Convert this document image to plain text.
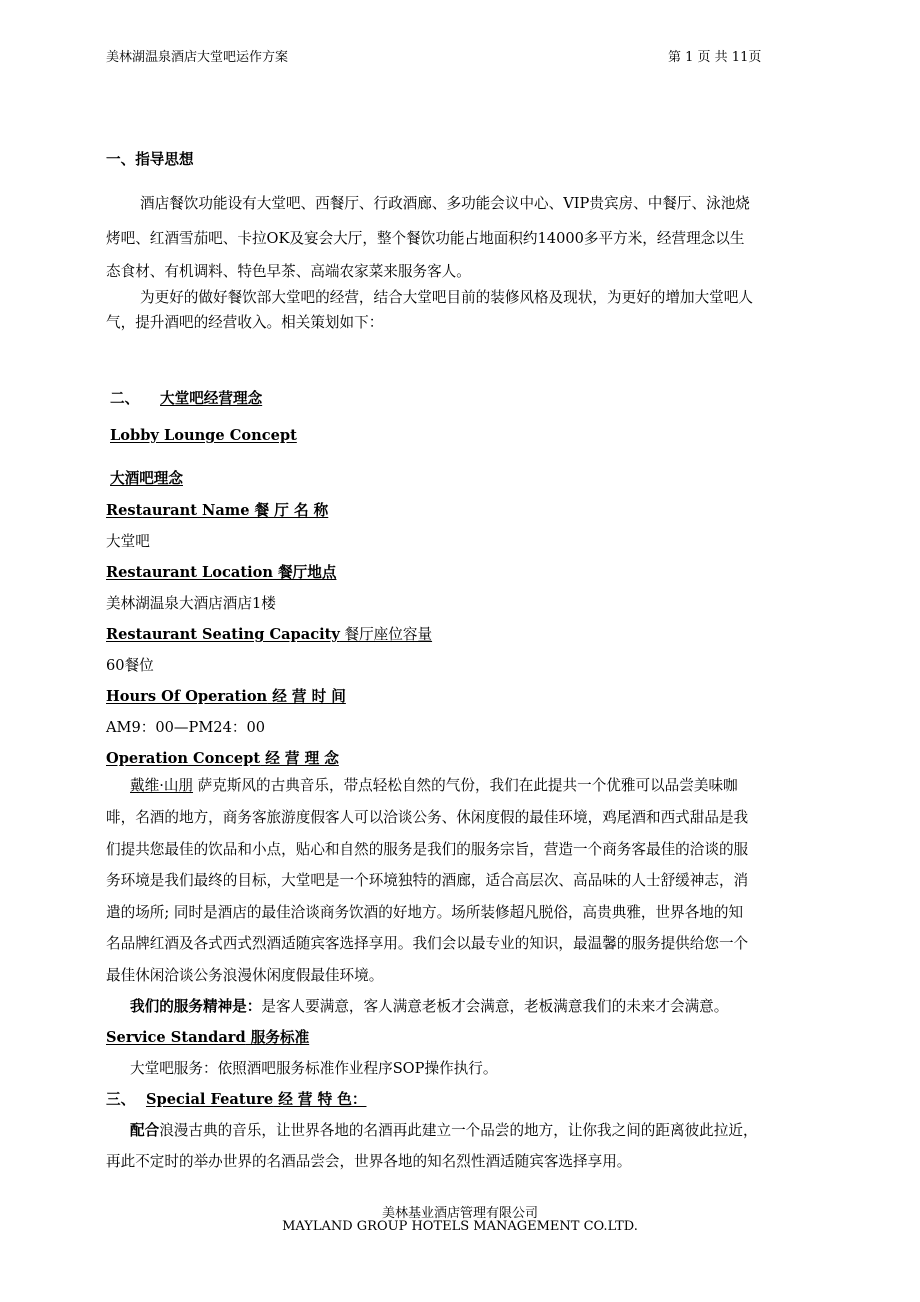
美林湖温泉酒店大堂吧运作方案	第 1 页 共 11页
一、指导思想
酒店餐饮功能设有大堂吧、西餐厅、行政酒廊、多功能会议中心、VIP贵宾房、中餐厅、泳池烧
烤吧、红酒雪茄吧、卡拉OK及宴会大厅，整个餐饮功能占地面积约14000多平方米，经营理念以生
态食材、有机调料、特色早茶、高端农家菜来服务客人。
为更好的做好餐饮部大堂吧的经营，结合大堂吧目前的装修风格及现状，为更好的增加大堂吧人
气，提升酒吧的经营收入。相关策划如下：
二、 大堂吧经营理念
Lobby Lounge Concept
大酒吧理念
Restaurant Name 餐 厅 名 称
大堂吧
Restaurant Location 餐厅地点
美林湖温泉大酒店酒店1楼
Restaurant Seating Capacity 餐厅座位容量
60餐位
Hours Of Operation 经 营 时 间
AM9：00—PM24：00
Operation Concept 经 营 理 念
戴维·山朋 萨克斯风的古典音乐，带点轻松自然的气份，我们在此提共一个优雅可以品尝美味咖
啡，名酒的地方，商务客旅游度假客人可以洽谈公务、休闲度假的最佳环境，鸡尾酒和西式甜品是我
们提共您最佳的饮品和小点，贴心和自然的服务是我们的服务宗旨，营造一个商务客最佳的洽谈的服
务环境是我们最终的目标，大堂吧是一个环境独特的酒廊，适合高层次、高品味的人士舒缓神志，消
遣的场所; 同时是酒店的最佳洽谈商务饮酒的好地方。场所装修超凡脱俗，高贵典雅，世界各地的知
名品牌红酒及各式西式烈酒适随宾客选择享用。我们会以最专业的知识，最温馨的服务提供给您一个
最佳休闲洽谈公务浪漫休闲度假最佳环境。
我们的服务精神是：是客人要满意，客人满意老板才会满意，老板满意我们的未来才会满意。
Service Standard 服务标准
大堂吧服务：依照酒吧服务标准作业程序SOP操作执行。
三、 Special Feature 经 营 特 色：
配合浪漫古典的音乐，让世界各地的名酒再此建立一个品尝的地方，让你我之间的距离彼此拉近，
再此不定时的举办世界的名酒品尝会，世界各地的知名烈性酒适随宾客选择享用。
美林基业酒店管理有限公司
MAYLAND GROUP HOTELS MANAGEMENT CO.LTD.
